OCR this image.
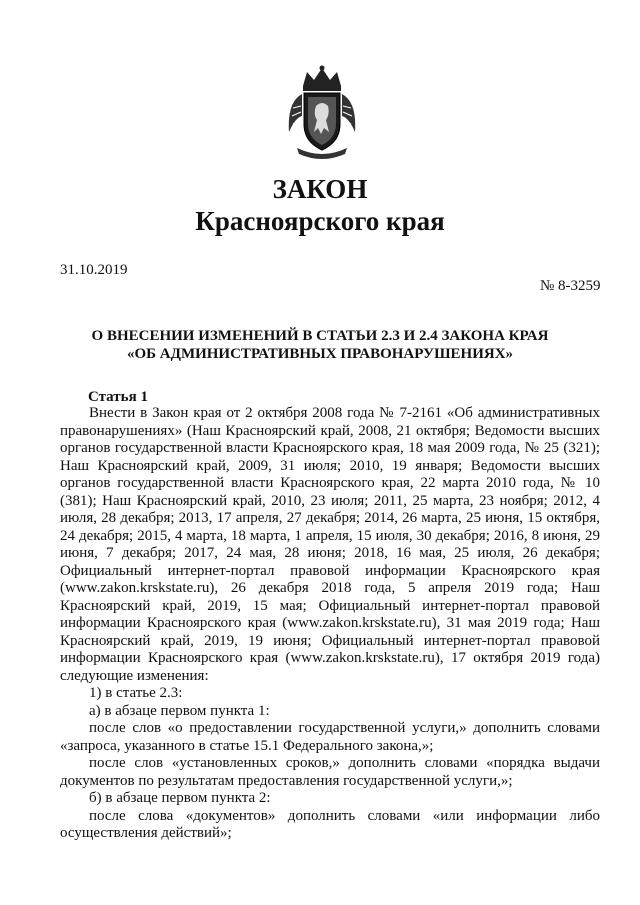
ЗАКОН
Красноярского края
31.10.2019
№ 8-3259
О ВНЕСЕНИИ ИЗМЕНЕНИЙ В СТАТЬИ 2.3 И 2.4 ЗАКОНА КРАЯ
«ОБ АДМИНИСТРАТИВНЫХ ПРАВОНАРУШЕНИЯХ»
Статья 1

Внести в Закон края от 2 октября 2008 года № 7-2161 «Об административных правонарушениях» (Наш Красноярский край, 2008, 21 октября; Ведомости высших органов государственной власти Красноярского края, 18 мая 2009 года, № 25 (321); Наш Красноярский край, 2009, 31 июля; 2010, 19 января; Ведомости высших органов государственной власти Красноярского края, 22 марта 2010 года, № 10 (381); Наш Красноярский край, 2010, 23 июля; 2011, 25 марта, 23 ноября; 2012, 4 июля, 28 декабря; 2013, 17 апреля, 27 декабря; 2014, 26 марта, 25 июня, 15 октября, 24 декабря; 2015, 4 марта, 18 марта, 1 апреля, 15 июля, 30 декабря; 2016, 8 июня, 29 июня, 7 декабря; 2017, 24 мая, 28 июня; 2018, 16 мая, 25 июля, 26 декабря; Официальный интернет-портал правовой информации Красноярского края (www.zakon.krskstate.ru), 26 декабря 2018 года, 5 апреля 2019 года; Наш Красноярский край, 2019, 15 мая; Официальный интернет-портал правовой информации Красноярского края (www.zakon.krskstate.ru), 31 мая 2019 года; Наш Красноярский край, 2019, 19 июня; Официальный интернет-портал правовой информации Красноярского края (www.zakon.krskstate.ru), 17 октября 2019 года) следующие изменения:

1) в статье 2.3:

а) в абзаце первом пункта 1:

после слов «о предоставлении государственной услуги,» дополнить словами «запроса, указанного в статье 15.1 Федерального закона,»;

после слов «установленных сроков,» дополнить словами «порядка выдачи документов по результатам предоставления государственной услуги,»;

б) в абзаце первом пункта 2:

после слова «документов» дополнить словами «или информации либо осуществления действий»;
